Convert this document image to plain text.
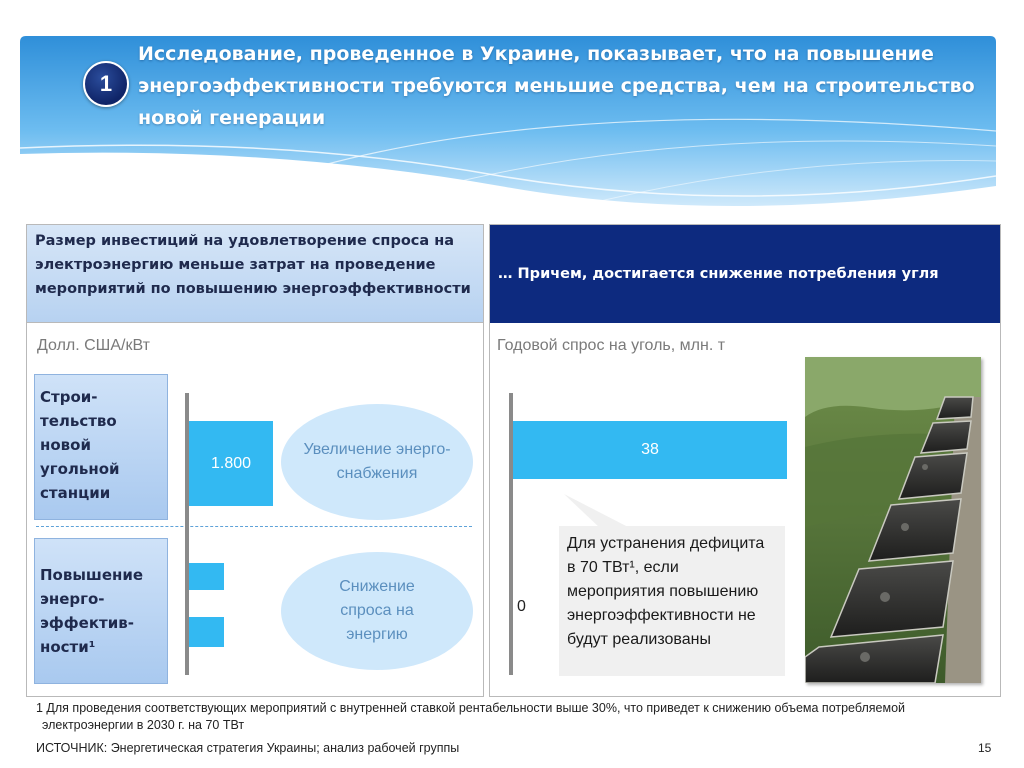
1
Исследование, проведенное в Украине, показывает, что на повышение энергоэффективности требуются меньшие средства, чем на строительство новой генерации
Размер инвестиций на удовлетворение спроса на электроэнергию меньше затрат на проведение мероприятий по повышению энергоэффективности
Долл. США/кВт
Строи-тельство новой угольной станции
Повышение энерго-эффектив-ности¹
1.800
Увеличение энерго-снабжения
Снижение спроса на энергию
… Причем, достигается снижение потребления угля
Годовой спрос на уголь, млн. т
38
0
Для устранения дефицита в 70 ТВт¹, если мероприятия повышению энергоэффективности не будут реализованы
1 Для проведения соответствующих мероприятий с внутренней ставкой рентабельности выше 30%, что приведет к снижению объема потребляемой
электроэнергии в 2030 г. на 70 ТВт
ИСТОЧНИК: Энергетическая стратегия Украины; анализ рабочей группы	15
